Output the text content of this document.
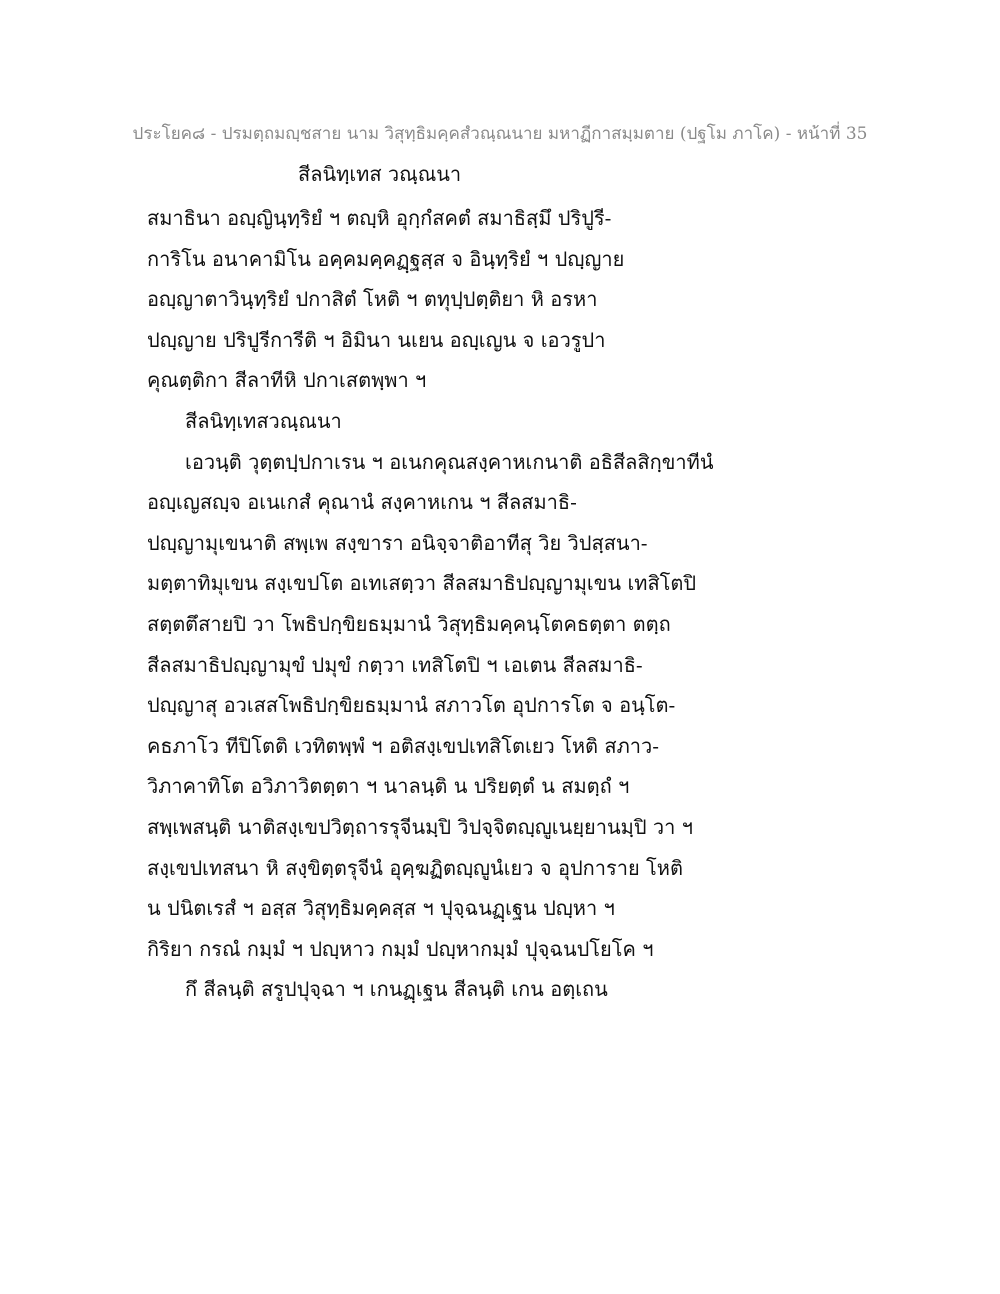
ประโยค๘ - ปรมตฺถมญฺชสาย นาม วิสุทฺธิมคฺคสํวณฺณนาย มหาฏีกาสมฺมตาย (ปฐโม ภาโค) - หน้าที่ 35
สีลนิทฺเทส วณฺณนา
สมาธินา อญฺญินฺทฺริยํ ฯ ตญฺหิ อุกฺกํสคตํ สมาธิสฺมึ ปริปูรี-
การิโน อนาคามิโน อคฺคมคฺคฏฺฐสฺส จ อินฺทฺริยํ ฯ ปญฺญาย
อญฺญาตาวินฺทฺริยํ ปกาสิตํ โหติ ฯ ตทุปฺปตฺติยา หิ อรหา
ปญฺญาย ปริปูรีการีติ ฯ อิมินา นเยน อญฺเญน จ เอวรูปา
คุณตฺติกา สีลาทีหิ ปกาเสตพฺพา ฯ
สีลนิทฺเทสวณฺณนา
เอวนฺติ วุตฺตปฺปกาเรน ฯ อเนกคุณสงฺคาหเกนาติ อธิสีลสิกฺขาทีนํ
อญฺเญสญฺจ อเนเกสํ คุณานํ สงฺคาหเกน ฯ สีลสมาธิ-
ปญฺญามุเขนาติ สพฺเพ สงฺขารา อนิจฺจาติอาทีสุ วิย วิปสฺสนา-
มตฺตาทิมุเขน สงฺเขปโต อเทเสตฺวา สีลสมาธิปญฺญามุเขน เทสิโตปิ
สตฺตตึสายปิ วา โพธิปกฺขิยธมฺมานํ วิสุทฺธิมคฺคนฺโตคธตฺตา ตตฺถ
สีลสมาธิปญฺญามุขํ ปมุขํ กตฺวา เทสิโตปิ ฯ เอเตน สีลสมาธิ-
ปญฺญาสุ อวเสสโพธิปกฺขิยธมฺมานํ สภาวโต อุปการโต จ อนฺโต-
คธภาโว ทีปิโตติ เวทิตพฺพํ ฯ อติสงฺเขปเทสิโตเยว โหติ สภาว-
วิภาคาทิโต อวิภาวิตตฺตา ฯ นาลนฺติ น ปริยตฺตํ น สมตฺถํ ฯ
สพฺเพสนฺติ นาติสงฺเขปวิตฺถารรุจีนมฺปิ วิปจฺจิตญฺญูเนยฺยานมฺปิ วา ฯ
สงฺเขปเทสนา หิ สงฺขิตฺตรุจีนํ อุคฺฆฏิตญฺญูนํเยว จ อุปการาย โหติ
น ปนิตเรสํ ฯ อสฺส วิสุทฺธิมคฺคสฺส ฯ ปุจฺฉนฏฺเฐน ปญฺหา ฯ
กิริยา กรณํ กมฺมํ ฯ ปญฺหาว กมฺมํ ปญฺหากมฺมํ ปุจฺฉนปโยโค ฯ
กึ สีลนฺติ สรูปปุจฺฉา ฯ เกนฏฺเฐน สีลนฺติ เกน อตฺเถน
